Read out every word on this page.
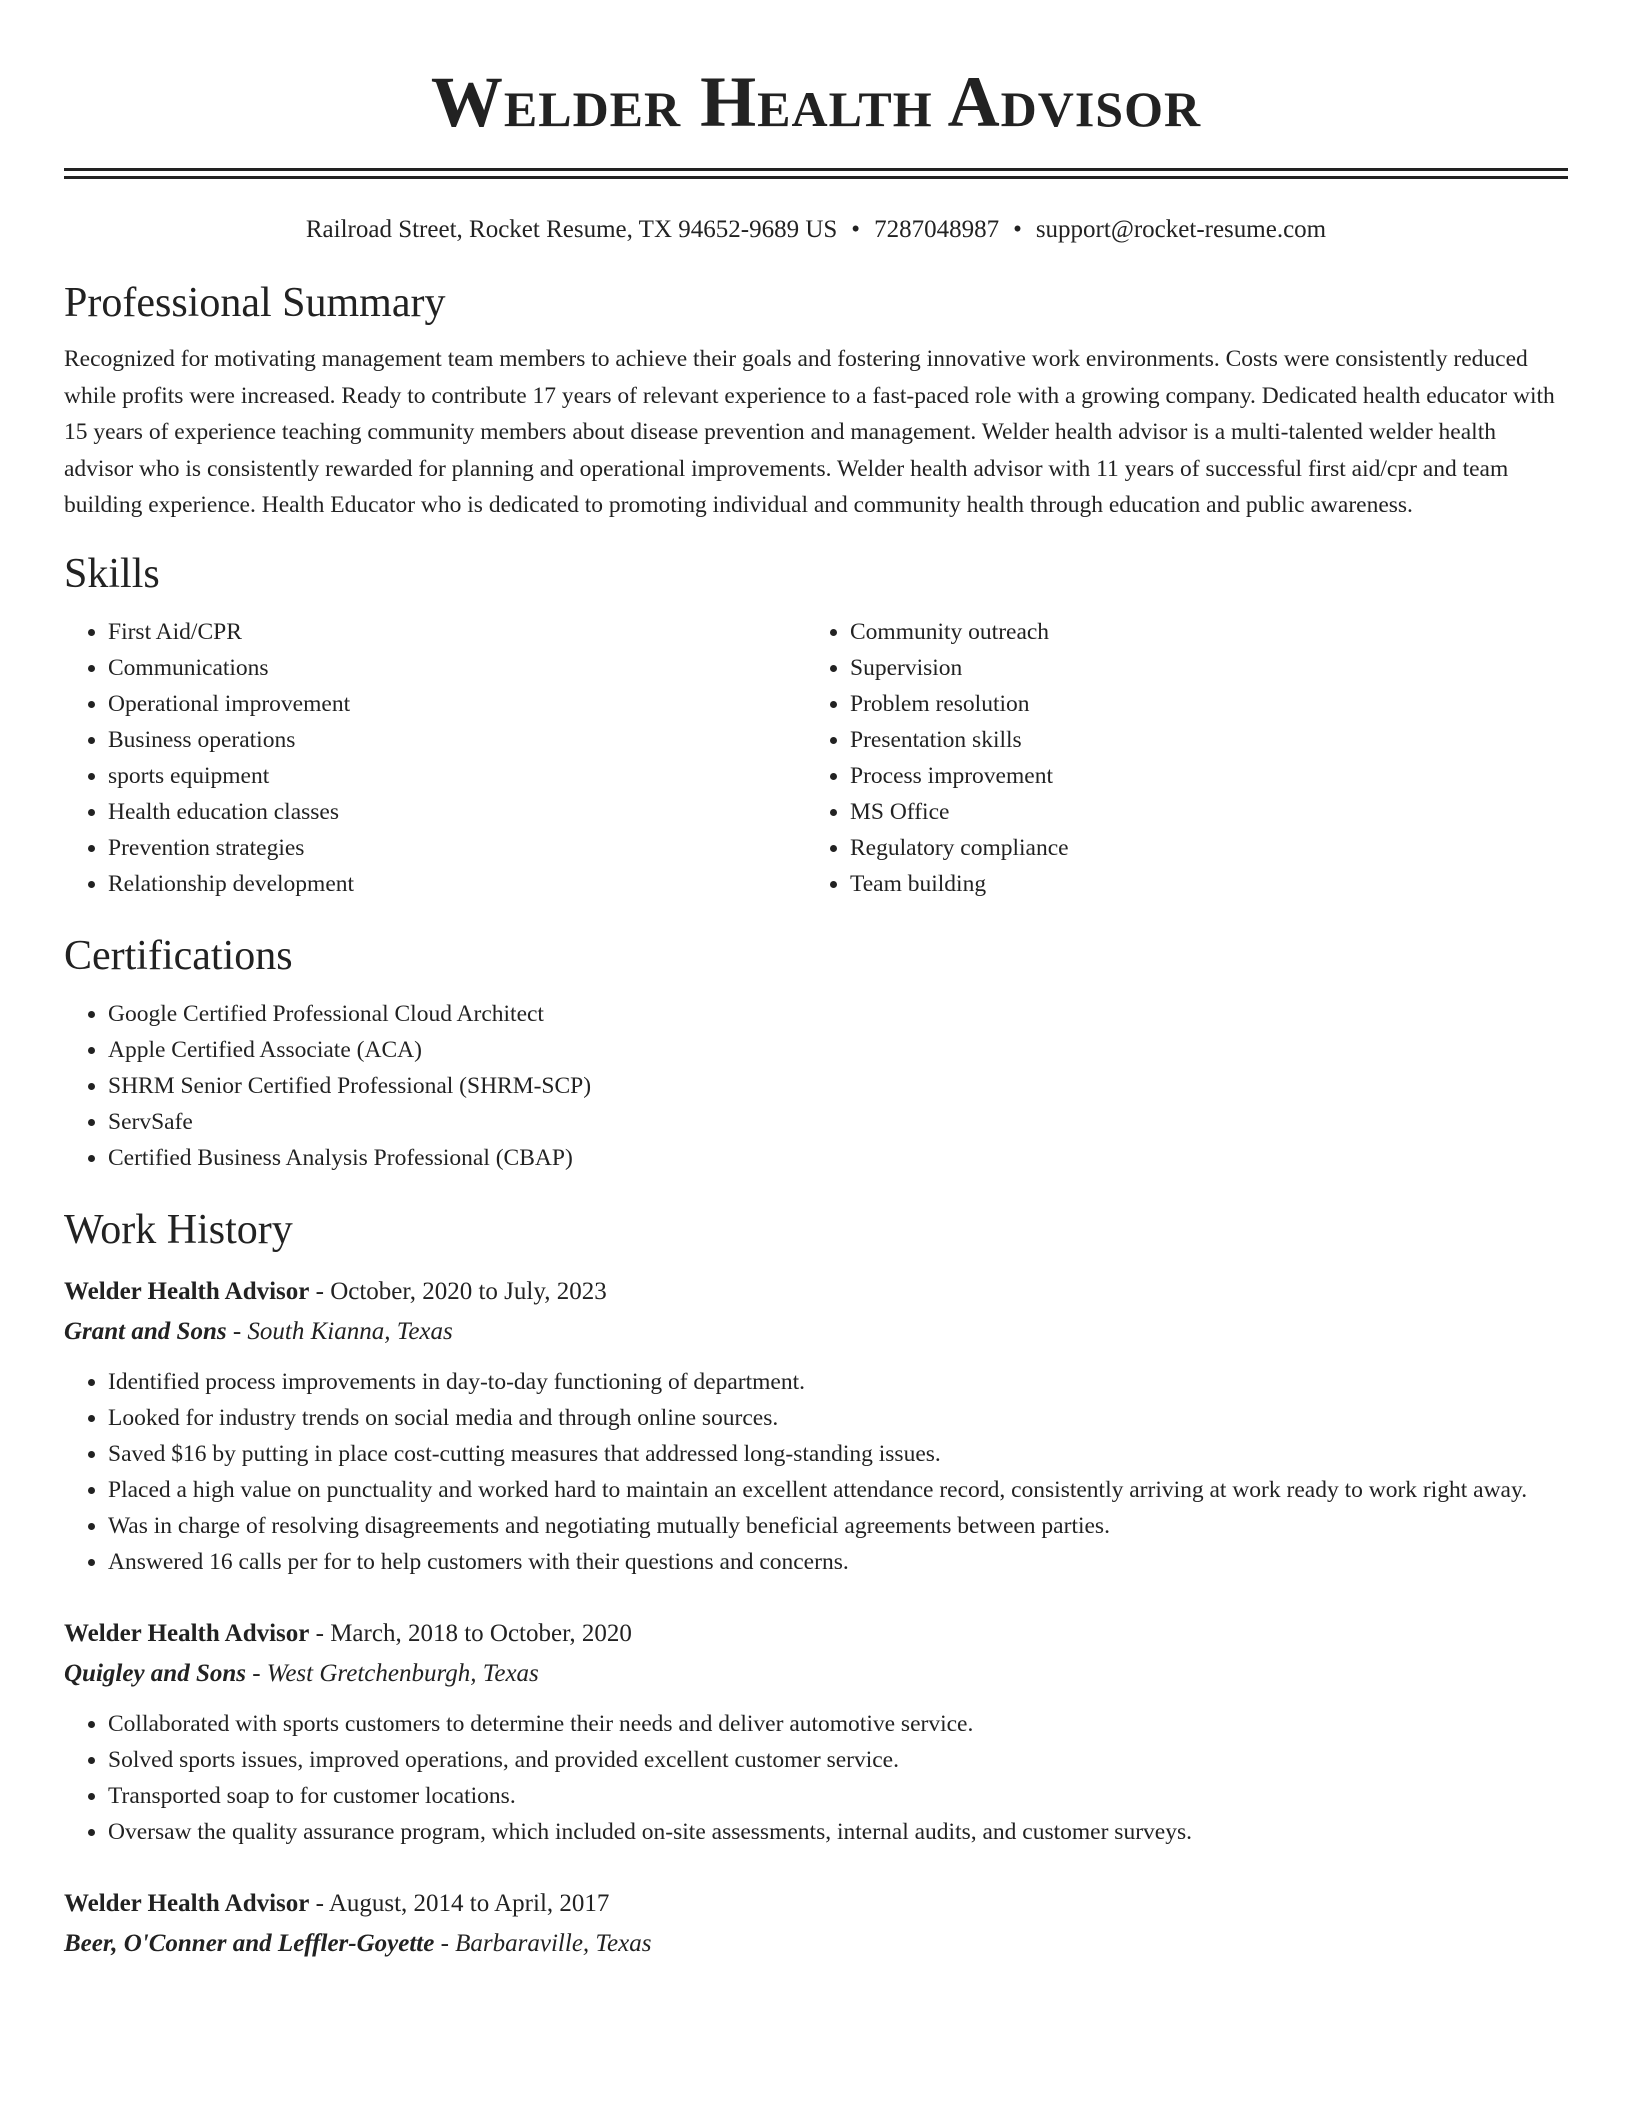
Welder Health Advisor
Railroad Street, Rocket Resume, TX 94652-9689 US • 7287048987 • support@rocket-resume.com
Professional Summary
Recognized for motivating management team members to achieve their goals and fostering innovative work environments. Costs were consistently reduced while profits were increased. Ready to contribute 17 years of relevant experience to a fast-paced role with a growing company. Dedicated health educator with 15 years of experience teaching community members about disease prevention and management. Welder health advisor is a multi-talented welder health advisor who is consistently rewarded for planning and operational improvements. Welder health advisor with 11 years of successful first aid/cpr and team building experience. Health Educator who is dedicated to promoting individual and community health through education and public awareness.
Skills
• First Aid/CPR
• Communications
• Operational improvement
• Business operations
• sports equipment
• Health education classes
• Prevention strategies
• Relationship development
• Community outreach
• Supervision
• Problem resolution
• Presentation skills
• Process improvement
• MS Office
• Regulatory compliance
• Team building
Certifications
• Google Certified Professional Cloud Architect
• Apple Certified Associate (ACA)
• SHRM Senior Certified Professional (SHRM-SCP)
• ServSafe
• Certified Business Analysis Professional (CBAP)
Work History
Welder Health Advisor - October, 2020 to July, 2023
Grant and Sons - South Kianna, Texas
• Identified process improvements in day-to-day functioning of department.
• Looked for industry trends on social media and through online sources.
• Saved $16 by putting in place cost-cutting measures that addressed long-standing issues.
• Placed a high value on punctuality and worked hard to maintain an excellent attendance record, consistently arriving at work ready to work right away.
• Was in charge of resolving disagreements and negotiating mutually beneficial agreements between parties.
• Answered 16 calls per for to help customers with their questions and concerns.
Welder Health Advisor - March, 2018 to October, 2020
Quigley and Sons - West Gretchenburgh, Texas
• Collaborated with sports customers to determine their needs and deliver automotive service.
• Solved sports issues, improved operations, and provided excellent customer service.
• Transported soap to for customer locations.
• Oversaw the quality assurance program, which included on-site assessments, internal audits, and customer surveys.
Welder Health Advisor - August, 2014 to April, 2017
Beer, O'Conner and Leffler-Goyette - Barbaraville, Texas
